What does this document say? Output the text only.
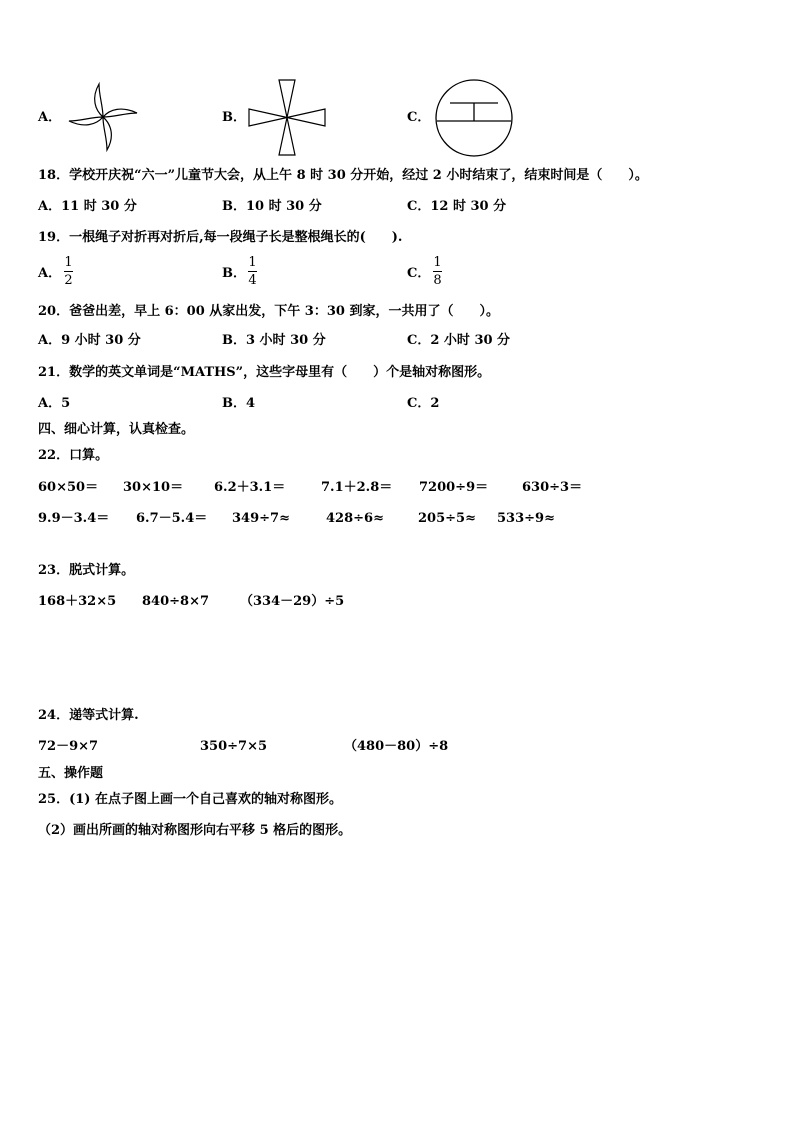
A．	B．	C．
18．学校开庆祝“六一”儿童节大会，从上午 8 时 30 分开始，经过 2 小时结束了，结束时间是（　　）。
A．11 时 30 分	B．10 时 30 分	C．12 时 30 分
19．一根绳子对折再对折后,每一段绳子长是整根绳长的(　　).
A．
1
2	B．
1
4	C．
1
8
20．爸爸出差，早上 6：00 从家出发，下午 3：30 到家，一共用了（　　）。
A．9 小时 30 分	B．3 小时 30 分	C．2 小时 30 分
21．数学的英文单词是“MATHS”，这些字母里有（　　）个是轴对称图形。
A．5	B．4	C．2
四、细心计算，认真检查。
22．口算。
60×50＝ 30×10＝ 6.2＋3.1＝	7.1＋2.8＝ 7200÷9＝	630÷3＝
9.9－3.4＝ 6.7－5.4＝ 349÷7≈	428÷6≈	205÷5≈ 533÷9≈
23．脱式计算。
168＋32×5 840÷8×7 （334－29）÷5
24．递等式计算.
72－9×7	350÷7×5	（480－80）÷8
五、操作题
25．(1) 在点子图上画一个自己喜欢的轴对称图形。
（2）画出所画的轴对称图形向右平移 5 格后的图形。
